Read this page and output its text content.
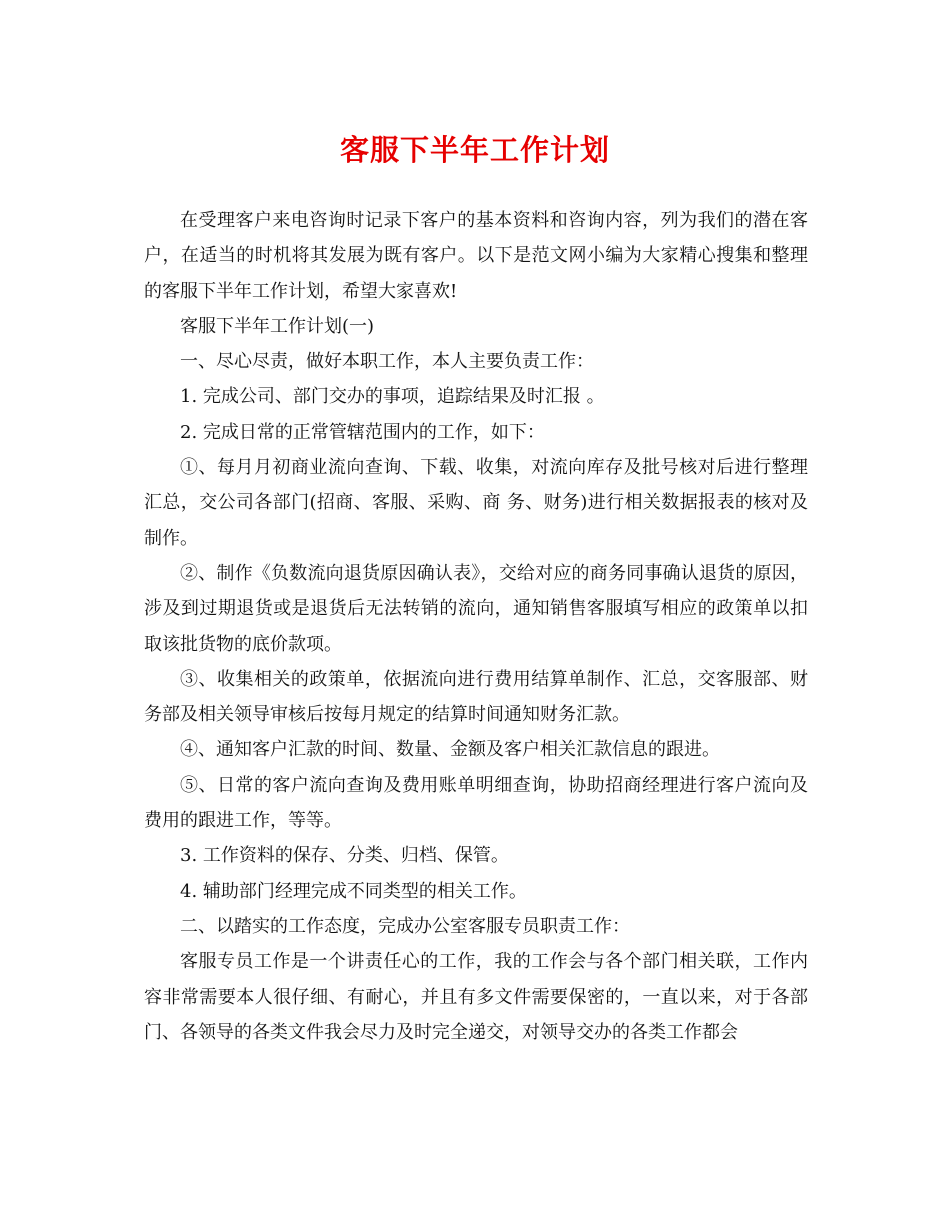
客服下半年工作计划

在受理客户来电咨询时记录下客户的基本资料和咨询内容，列为我们的潜在客户，在适当的时机将其发展为既有客户。以下是范文网小编为大家精心搜集和整理的客服下半年工作计划，希望大家喜欢!

客服下半年工作计划(一)

一、尽心尽责，做好本职工作，本人主要负责工作：

1. 完成公司、部门交办的事项，追踪结果及时汇报 。

2. 完成日常的正常管辖范围内的工作，如下：

①、每月月初商业流向查询、下载、收集，对流向库存及批号核对后进行整理汇总，交公司各部门(招商、客服、采购、商 务、财务)进行相关数据报表的核对及制作。

②、制作《负数流向退货原因确认表》，交给对应的商务同事确认退货的原因，涉及到过期退货或是退货后无法转销的流向，通知销售客服填写相应的政策单以扣取该批货物的底价款项。

③、收集相关的政策单，依据流向进行费用结算单制作、汇总，交客服部、财务部及相关领导审核后按每月规定的结算时间通知财务汇款。

④、通知客户汇款的时间、数量、金额及客户相关汇款信息的跟进。

⑤、日常的客户流向查询及费用账单明细查询，协助招商经理进行客户流向及费用的跟进工作，等等。

3. 工作资料的保存、分类、归档、保管。

4. 辅助部门经理完成不同类型的相关工作。

二、以踏实的工作态度，完成办公室客服专员职责工作：

客服专员工作是一个讲责任心的工作，我的工作会与各个部门相关联，工作内容非常需要本人很仔细、有耐心，并且有多文件需要保密的，一直以来，对于各部门、各领导的各类文件我会尽力及时完全递交，对领导交办的各类工作都会
